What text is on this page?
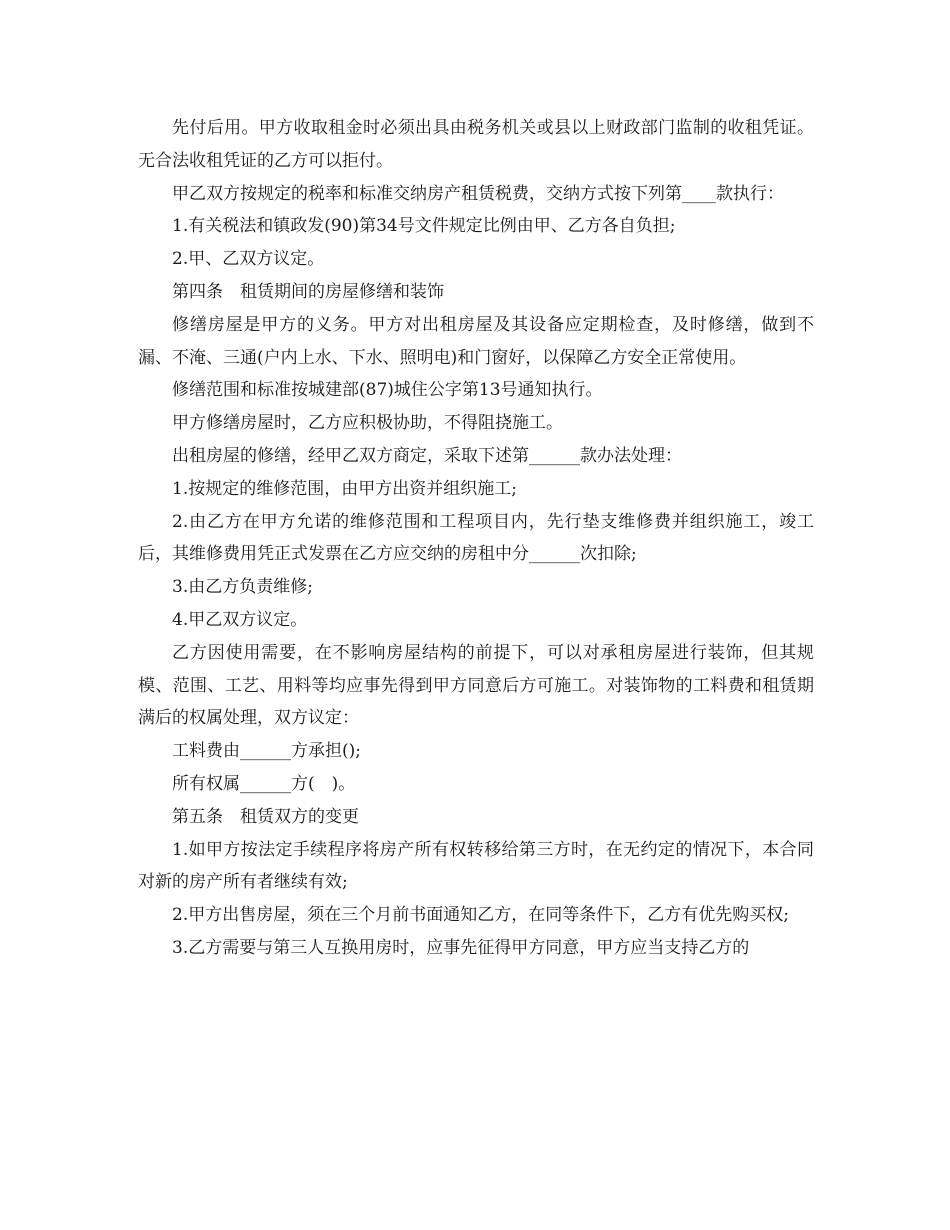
先付后用。甲方收取租金时必须出具由税务机关或县以上财政部门监制的收租凭证。无合法收租凭证的乙方可以拒付。

甲乙双方按规定的税率和标准交纳房产租赁税费，交纳方式按下列第____款执行：

1.有关税法和镇政发(90)第34号文件规定比例由甲、乙方各自负担;

2.甲、乙双方议定。

第四条　租赁期间的房屋修缮和装饰

修缮房屋是甲方的义务。甲方对出租房屋及其设备应定期检查，及时修缮，做到不漏、不淹、三通(户内上水、下水、照明电)和门窗好，以保障乙方安全正常使用。

修缮范围和标准按城建部(87)城住公字第13号通知执行。

甲方修缮房屋时，乙方应积极协助，不得阻挠施工。

出租房屋的修缮，经甲乙双方商定，采取下述第______款办法处理：

1.按规定的维修范围，由甲方出资并组织施工;

2.由乙方在甲方允诺的维修范围和工程项目内，先行垫支维修费并组织施工，竣工后，其维修费用凭正式发票在乙方应交纳的房租中分______次扣除;

3.由乙方负责维修;

4.甲乙双方议定。

乙方因使用需要，在不影响房屋结构的前提下，可以对承租房屋进行装饰，但其规模、范围、工艺、用料等均应事先得到甲方同意后方可施工。对装饰物的工料费和租赁期满后的权属处理，双方议定：

工料费由______方承担();

所有权属______方(　)。

第五条　租赁双方的变更

1.如甲方按法定手续程序将房产所有权转移给第三方时，在无约定的情况下，本合同对新的房产所有者继续有效;

2.甲方出售房屋，须在三个月前书面通知乙方，在同等条件下，乙方有优先购买权;

3.乙方需要与第三人互换用房时，应事先征得甲方同意，甲方应当支持乙方的
